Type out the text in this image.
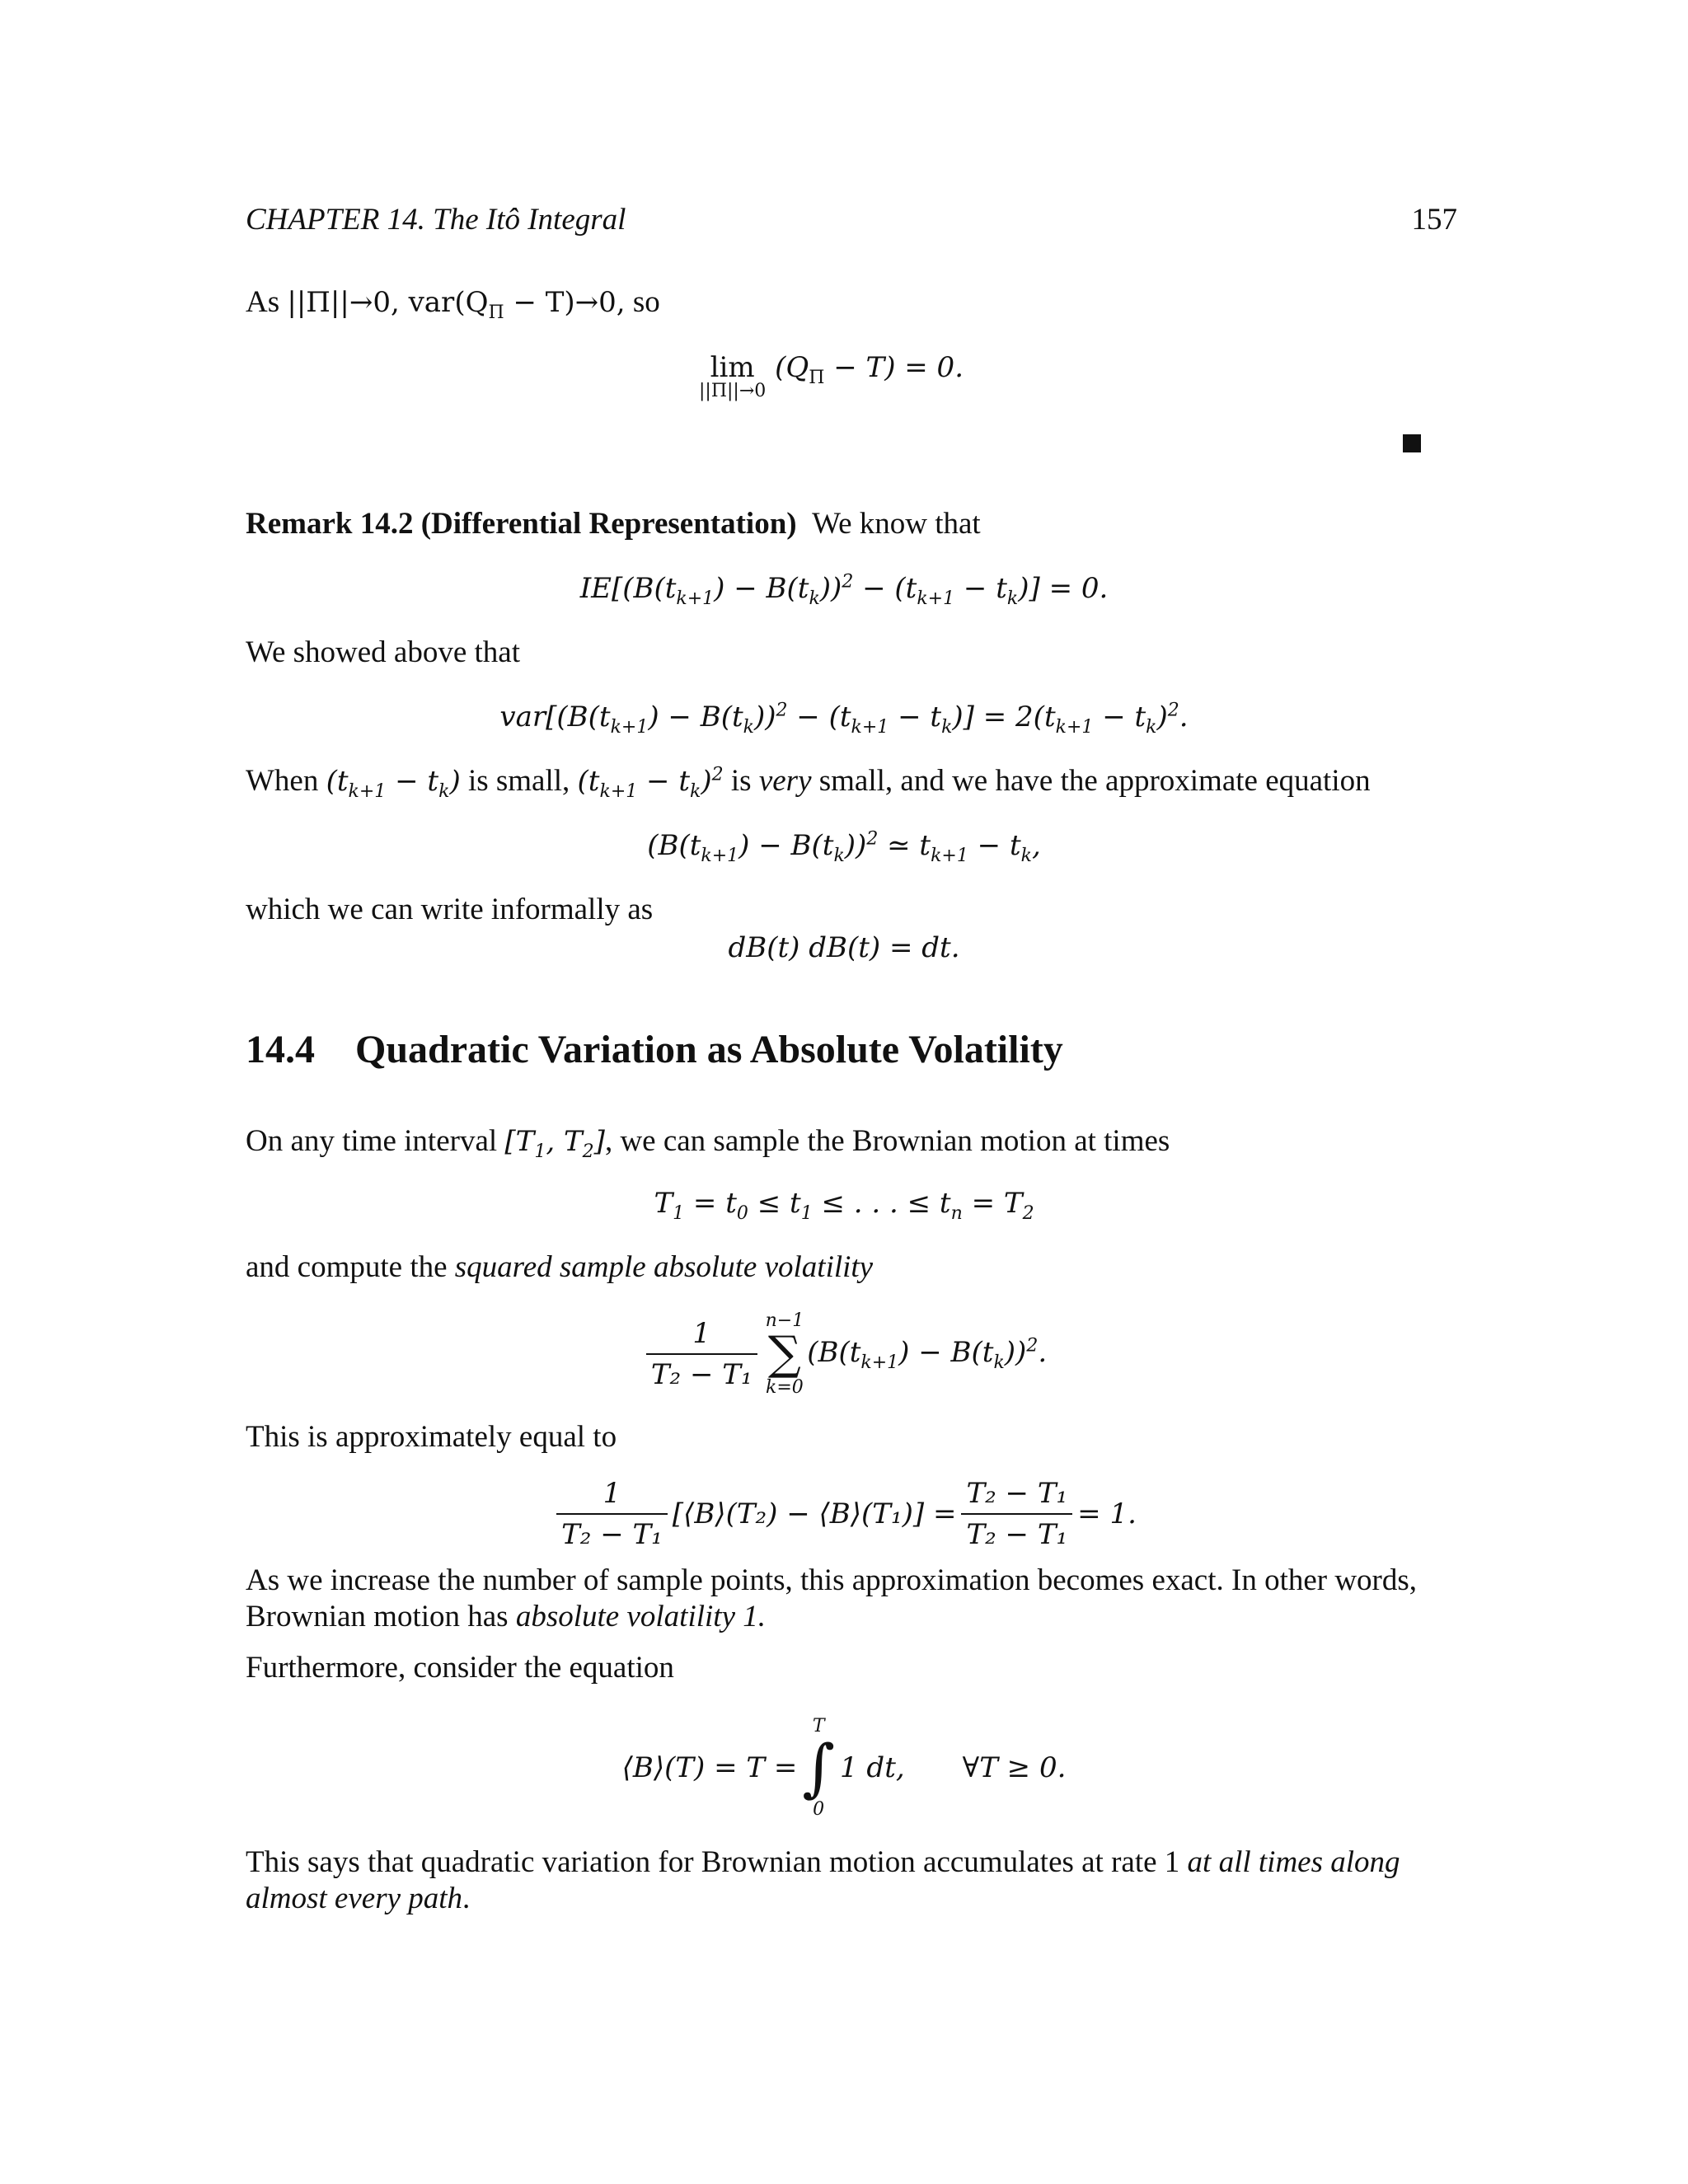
CHAPTER 14. The Itô Integral	157
As ||Π||→0, $var(Q_\Pi - T)\to 0$, so
lim
||Π||→0
$(Q_\Pi - T) = 0$.
Remark 14.2 (Differential Representation) We know that
$IE[(B(t_{k+1}) - B(t_k))^2 - (t_{k+1} - t_k)] = 0$.
We showed above that
$var[(B(t_{k+1}) - B(t_k))^2 - (t_{k+1} - t_k)] = 2(t_{k+1} - t_k)^2$.
When $(t_{k+1} - t_k)$ is small, $(t_{k+1} - t_k)^2$ is very small, and we have the approximate equation
$(B(t_{k+1}) - B(t_k))^2$ ≃ $t_{k+1} - t_k$,
which we can write informally as
dB(t) dB(t) = dt.
14.4 Quadratic Variation as Absolute Volatility
On any time interval [$T_1$, $T_2$], we can sample the Brownian motion at times
$T_1 = t_0 \le t_1$ ≤ . . . ≤ $t_n = T_2$
and compute the squared sample absolute volatility
$\frac{1}{\text{T₂ − T₁}} n-1$
∑
k=0
$(B(t_{k+1}) - B(t_k))^2$.
This is approximately equal to
$\frac{1}{\text{T₂ − T₁}}$ [⟨B⟩(T₂) − ⟨B⟩(T₁)] = $\frac{\text{T₂ − T₁}}{\text{T₂ − T₁}} = 1$.
As we increase the number of sample points, this approximation becomes exact. In other words,
Brownian motion has absolute volatility 1.
Furthermore, consider the equation
⟨B⟩(T) = T =
T
∫
0
1 dt, ∀T ≥ 0.
This says that quadratic variation for Brownian motion accumulates at rate 1 at all times along
almost every path.
